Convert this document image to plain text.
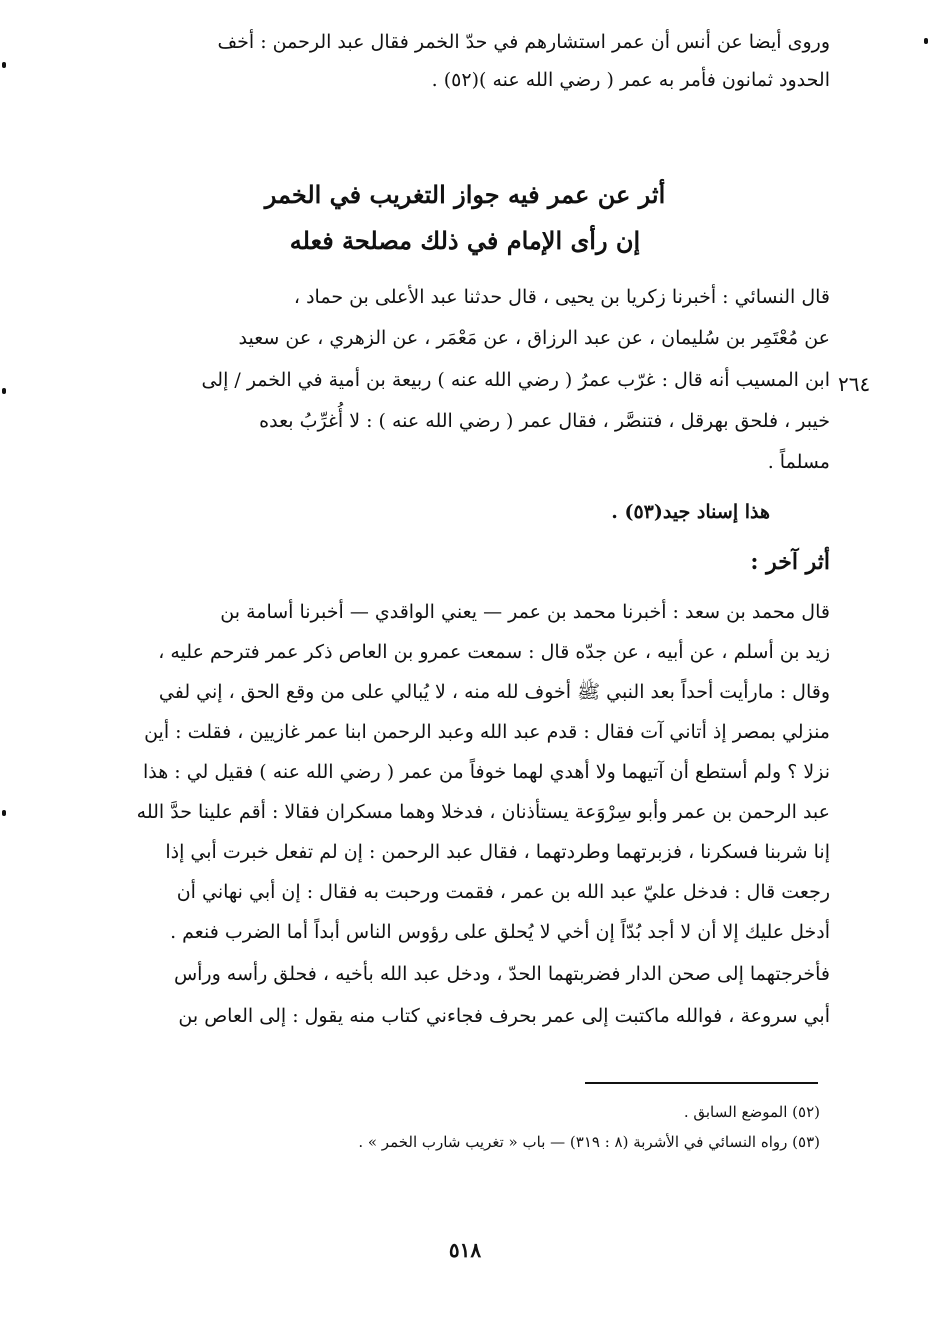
وروى أيضا عن أنس أن عمر استشارهم في حدّ الخمر فقال عبد الرحمن : أخف
الحدود ثمانون فأمر به عمر ( رضي الله عنه )(٥٢) .
أثر عن عمر فيه جواز التغريب في الخمر
إن رأى الإمام في ذلك مصلحة فعله
٢٦٤
قال النسائي : أخبرنا زكريا بن يحيى ، قال حدثنا عبد الأعلى بن حماد ،
عن مُعْتَمِر بن سُليمان ، عن عبد الرزاق ، عن مَعْمَر ، عن الزهري ، عن سعيد
ابن المسيب أنه قال : غرّب عمرُ ( رضي الله عنه ) ربيعة بن أمية في الخمر / إلى
خيبر ، فلحق بهرقل ، فتنصَّر ، فقال عمر ( رضي الله عنه ) : لا أُغرِّبُ بعده
مسلماً .
هذا إسناد جيد(٥٣) .
أثر آخر :
قال محمد بن سعد : أخبرنا محمد بن عمر — يعني الواقدي — أخبرنا أسامة بن
زيد بن أسلم ، عن أبيه ، عن جدّه قال : سمعت عمرو بن العاص ذكر عمر فترحم عليه ،
وقال : مارأيت أحداً بعد النبي ﷺ أخوف لله منه ، لا يُبالي على من وقع الحق ، إني لفي
منزلي بمصر إذ أتاني آت فقال : قدم عبد الله وعبد الرحمن ابنا عمر غازيين ، فقلت : أين
نزلا ؟ ولم أستطع أن آتيهما ولا أهدي لهما خوفاً من عمر ( رضي الله عنه ) فقيل لي : هذا
عبد الرحمن بن عمر وأبو سِرْوَعة يستأذنان ، فدخلا وهما مسكران فقالا : أقم علينا حدَّ الله
إنا شربنا فسكرنا ، فزبرتهما وطردتهما ، فقال عبد الرحمن : إن لم تفعل خبرت أبي إذا
رجعت قال : فدخل عليّ عبد الله بن عمر ، فقمت ورحبت به فقال : إن أبي نهاني أن
أدخل عليك إلا أن لا أجد بُدّاً إن أخي لا يُحلق على رؤوس الناس أبداً أما الضرب فنعم .
فأخرجتهما إلى صحن الدار فضربتهما الحدّ ، ودخل عبد الله بأخيه ، فحلق رأسه ورأس
أبي سروعة ، فوالله ماكتبت إلى عمر بحرف فجاءني كتاب منه يقول : إلى العاص بن
(٥٢) الموضع السابق .
(٥٣) رواه النسائي في الأشربة (٨ : ٣١٩) — باب « تغريب شارب الخمر » .
٥١٨
